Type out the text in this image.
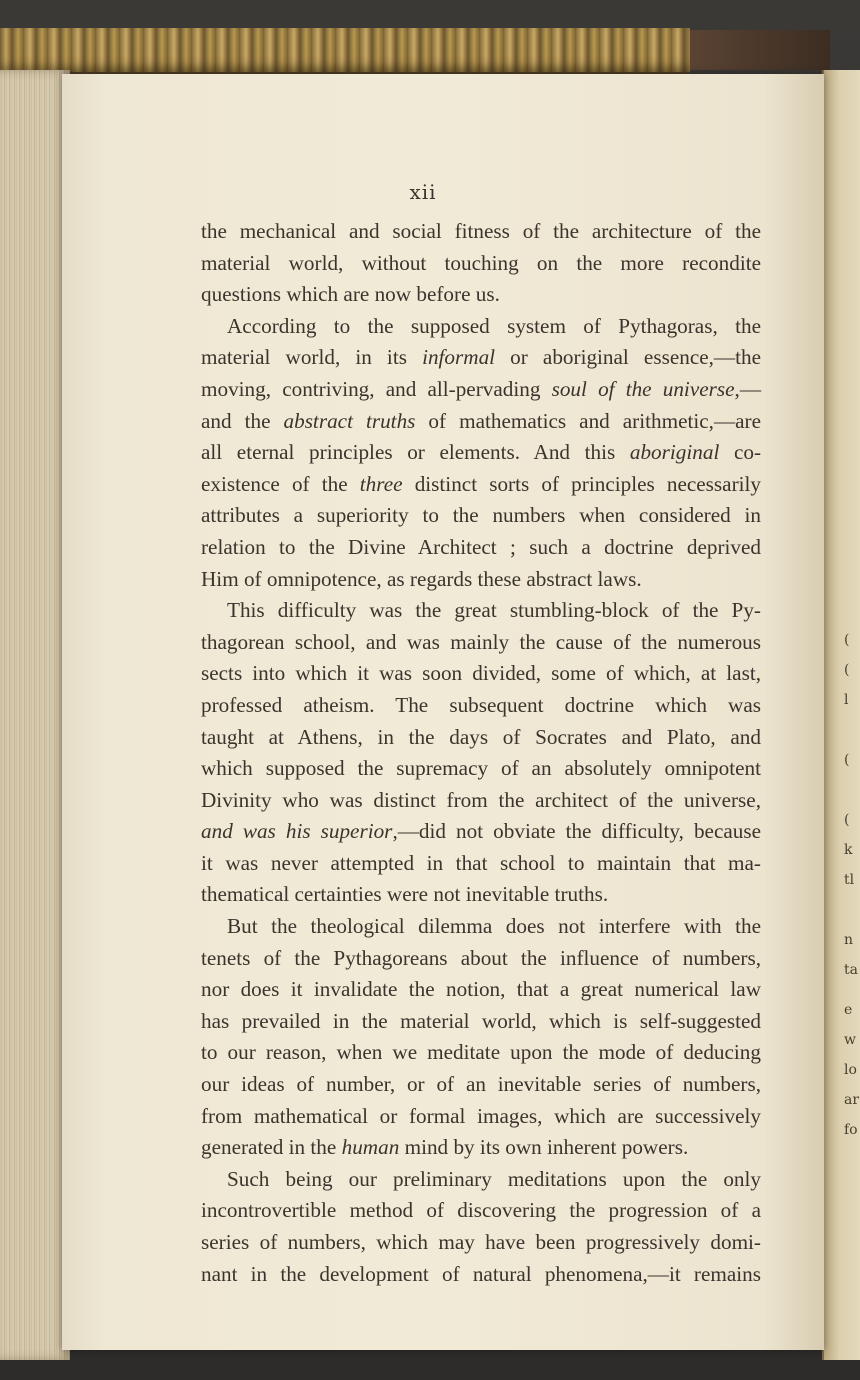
(
(
l
(
(
k
tl
n
ta
e
w
lo
ar
fo
xii
the mechanical and social fitness of the architecture of the
material world, without touching on the more recondite
questions which are now before us.
According to the supposed system of Pythagoras, the
material world, in its informal or aboriginal essence,—the
moving, contriving, and all-pervading soul of the universe,—
and the abstract truths of mathematics and arithmetic,—are
all eternal principles or elements. And this aboriginal co-
existence of the three distinct sorts of principles necessarily
attributes a superiority to the numbers when considered in
relation to the Divine Architect ; such a doctrine deprived
Him of omnipotence, as regards these abstract laws.
This difficulty was the great stumbling-block of the Py-
thagorean school, and was mainly the cause of the numerous
sects into which it was soon divided, some of which, at last,
professed atheism. The subsequent doctrine which was
taught at Athens, in the days of Socrates and Plato, and
which supposed the supremacy of an absolutely omnipotent
Divinity who was distinct from the architect of the universe,
and was his superior,—did not obviate the difficulty, because
it was never attempted in that school to maintain that ma-
thematical certainties were not inevitable truths.
But the theological dilemma does not interfere with the
tenets of the Pythagoreans about the influence of numbers,
nor does it invalidate the notion, that a great numerical law
has prevailed in the material world, which is self-suggested
to our reason, when we meditate upon the mode of deducing
our ideas of number, or of an inevitable series of numbers,
from mathematical or formal images, which are successively
generated in the human mind by its own inherent powers.
Such being our preliminary meditations upon the only
incontrovertible method of discovering the progression of a
series of numbers, which may have been progressively domi-
nant in the development of natural phenomena,—it remains
